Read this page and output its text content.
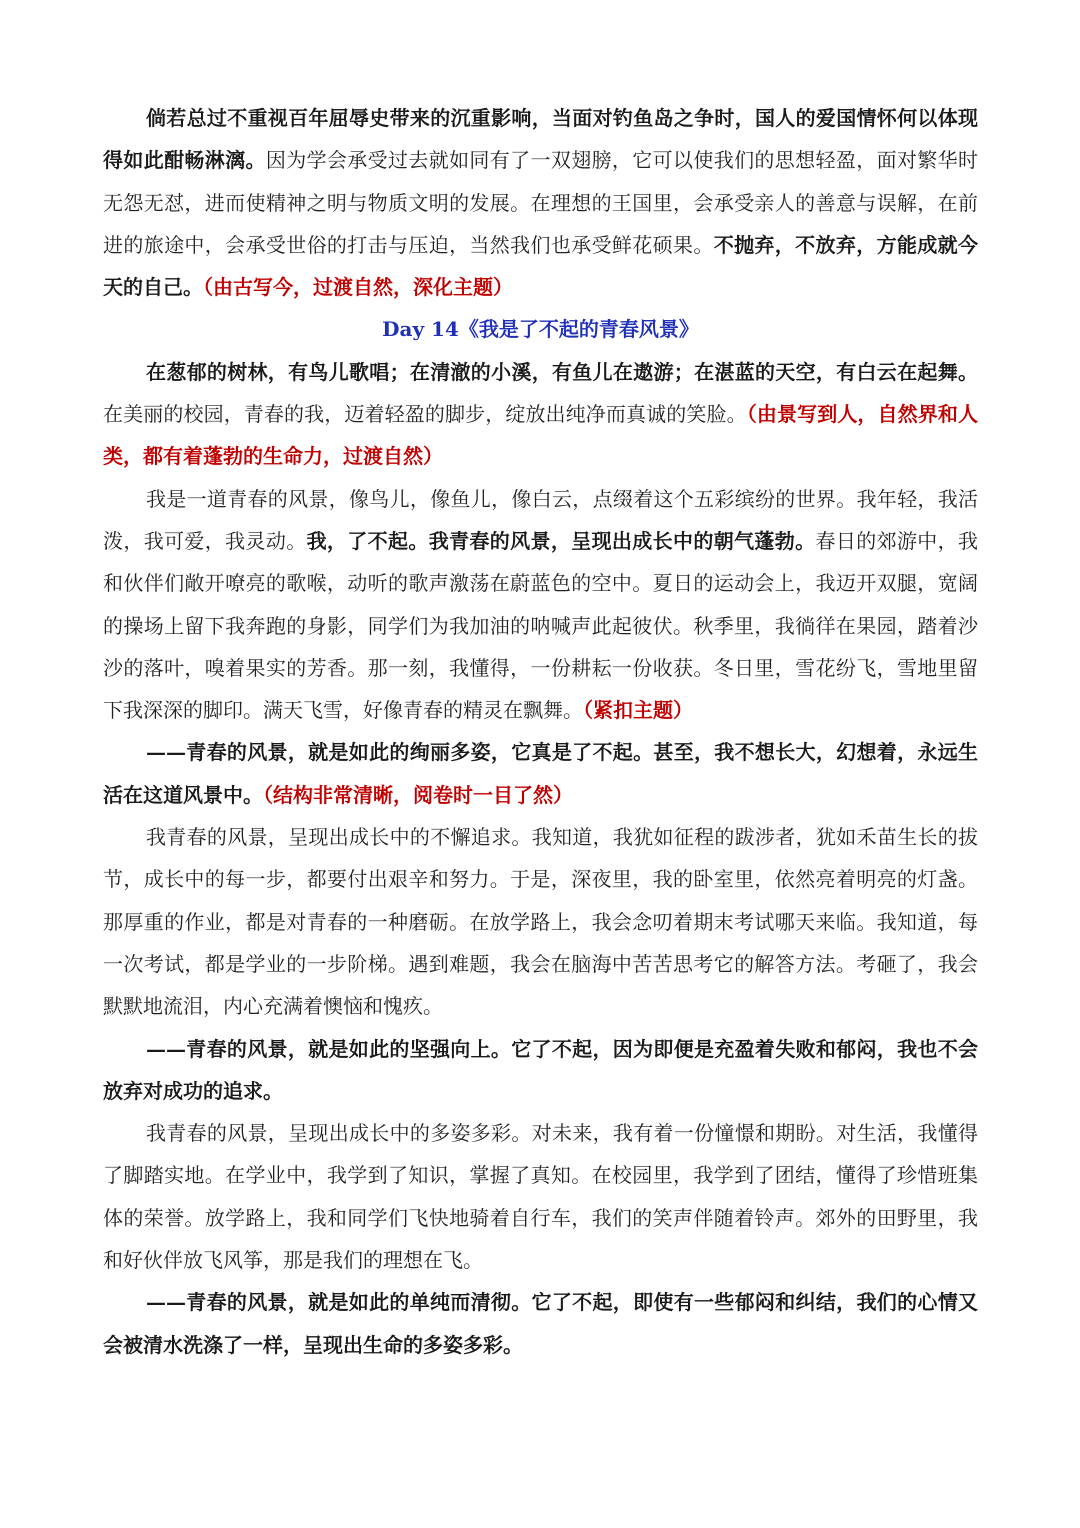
倘若总过不重视百年屈辱史带来的沉重影响，当面对钓鱼岛之争时，国人的爱国情怀何以体现得如此酣畅淋漓。因为学会承受过去就如同有了一双翅膀，它可以使我们的思想轻盈，面对繁华时无怨无怼，进而使精神之明与物质文明的发展。在理想的王国里，会承受亲人的善意与误解，在前进的旅途中，会承受世俗的打击与压迫，当然我们也承受鲜花硕果。不抛弃，不放弃，方能成就今天的自己。（由古写今，过渡自然，深化主题）

Day 14《我是了不起的青春风景》

在葱郁的树林，有鸟儿歌唱；在清澈的小溪，有鱼儿在遨游；在湛蓝的天空，有白云在起舞。在美丽的校园，青春的我，迈着轻盈的脚步，绽放出纯净而真诚的笑脸。（由景写到人，自然界和人类，都有着蓬勃的生命力，过渡自然）

我是一道青春的风景，像鸟儿，像鱼儿，像白云，点缀着这个五彩缤纷的世界。我年轻，我活泼，我可爱，我灵动。我，了不起。我青春的风景，呈现出成长中的朝气蓬勃。春日的郊游中，我和伙伴们敞开嘹亮的歌喉，动听的歌声激荡在蔚蓝色的空中。夏日的运动会上，我迈开双腿，宽阔的操场上留下我奔跑的身影，同学们为我加油的呐喊声此起彼伏。秋季里，我徜徉在果园，踏着沙沙的落叶，嗅着果实的芳香。那一刻，我懂得，一份耕耘一份收获。冬日里，雪花纷飞，雪地里留下我深深的脚印。满天飞雪，好像青春的精灵在飘舞。（紧扣主题）

——青春的风景，就是如此的绚丽多姿，它真是了不起。甚至，我不想长大，幻想着，永远生活在这道风景中。（结构非常清晰，阅卷时一目了然）

我青春的风景，呈现出成长中的不懈追求。我知道，我犹如征程的跋涉者，犹如禾苗生长的拔节，成长中的每一步，都要付出艰辛和努力。于是，深夜里，我的卧室里，依然亮着明亮的灯盏。那厚重的作业，都是对青春的一种磨砺。在放学路上，我会念叨着期末考试哪天来临。我知道，每一次考试，都是学业的一步阶梯。遇到难题，我会在脑海中苦苦思考它的解答方法。考砸了，我会默默地流泪，内心充满着懊恼和愧疚。

——青春的风景，就是如此的坚强向上。它了不起，因为即便是充盈着失败和郁闷，我也不会放弃对成功的追求。

我青春的风景，呈现出成长中的多姿多彩。对未来，我有着一份憧憬和期盼。对生活，我懂得了脚踏实地。在学业中，我学到了知识，掌握了真知。在校园里，我学到了团结，懂得了珍惜班集体的荣誉。放学路上，我和同学们飞快地骑着自行车，我们的笑声伴随着铃声。郊外的田野里，我和好伙伴放飞风筝，那是我们的理想在飞。

——青春的风景，就是如此的单纯而清彻。它了不起，即使有一些郁闷和纠结，我们的心情又会被清水洗涤了一样，呈现出生命的多姿多彩。
